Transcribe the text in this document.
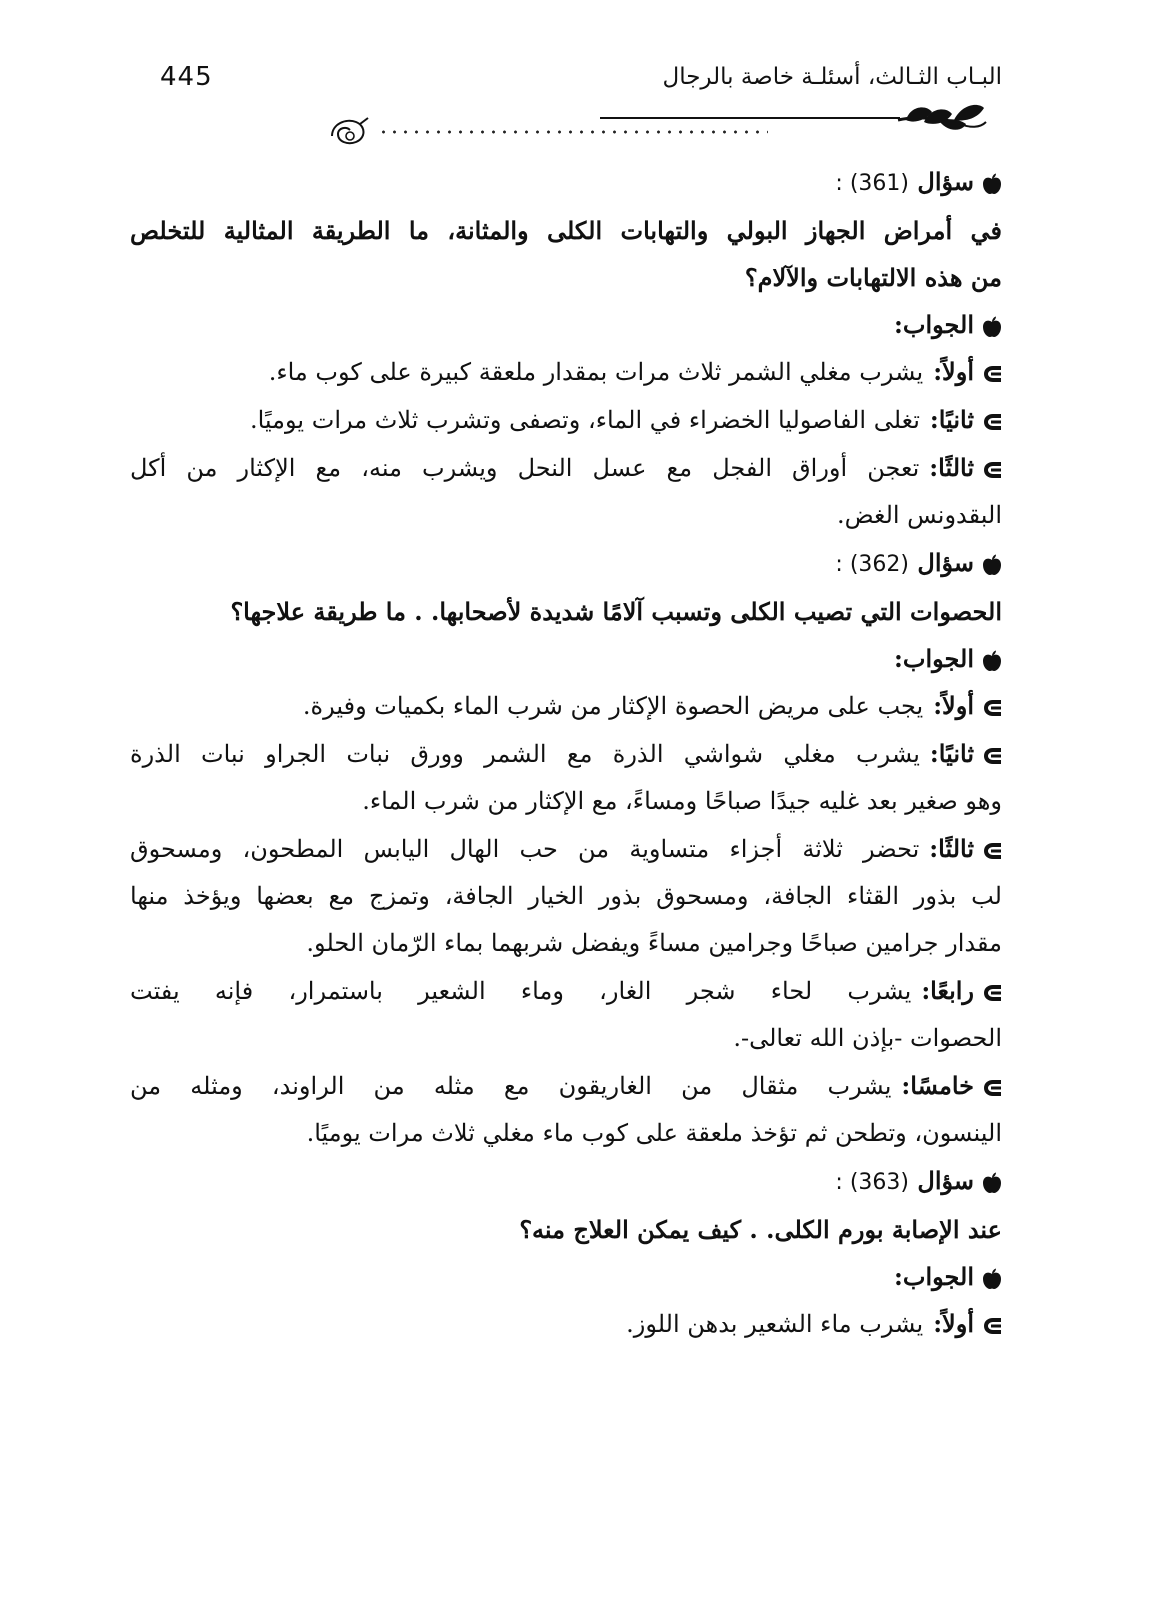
445	البـاب الثـالث، أسئلـة خاصة بالرجال
سؤال (361) :
في أمراض الجهاز البولي والتهابات الكلى والمثانة، ما الطريقة المثالية للتخلص
من هذه الالتهابات والآلام؟
الجواب:
أولاً:يشرب مغلي الشمر ثلاث مرات بمقدار ملعقة كبيرة على كوب ماء.
ثانيًا:تغلى الفاصوليا الخضراء في الماء، وتصفى وتشرب ثلاث مرات يوميًا.
ثالثًا:تعجن أوراق الفجل مع عسل النحل ويشرب منه، مع الإكثار من أكل
البقدونس الغض.
سؤال (362) :
الحصوات التي تصيب الكلى وتسبب آلامًا شديدة لأصحابها. . ما طريقة علاجها؟
الجواب:
أولاً:يجب على مريض الحصوة الإكثار من شرب الماء بكميات وفيرة.
ثانيًا:يشرب مغلي شواشي الذرة مع الشمر وورق نبات الجراو نبات الذرة
وهو صغير بعد غليه جيدًا صباحًا ومساءً، مع الإكثار من شرب الماء.
ثالثًا:تحضر ثلاثة أجزاء متساوية من حب الهال اليابس المطحون، ومسحوق
لب بذور القثاء الجافة، ومسحوق بذور الخيار الجافة، وتمزج مع بعضها ويؤخذ منها
مقدار جرامين صباحًا وجرامين مساءً ويفضل شربهما بماء الرّمان الحلو.
رابعًا:يشرب لحاء شجر الغار، وماء الشعير باستمرار، فإنه يفتت
الحصوات -بإذن الله تعالى-.
خامسًا:يشرب مثقال من الغاريقون مع مثله من الراوند، ومثله من
الينسون، وتطحن ثم تؤخذ ملعقة على كوب ماء مغلي ثلاث مرات يوميًا.
سؤال (363) :
عند الإصابة بورم الكلى. . كيف يمكن العلاج منه؟
الجواب:
أولاً:يشرب ماء الشعير بدهن اللوز.
